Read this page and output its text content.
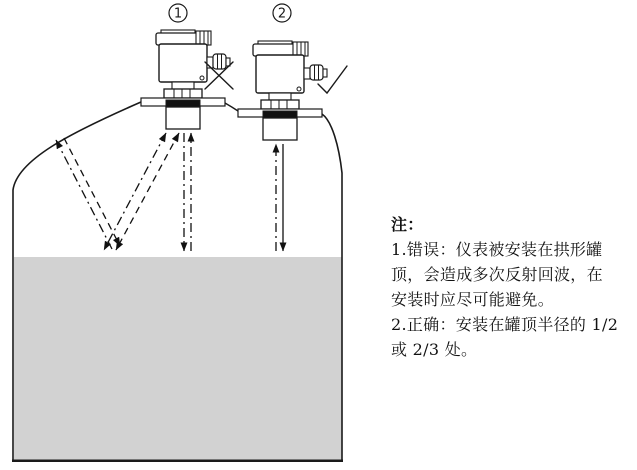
1	2
注：
1.错误：仪表被安装在拱形罐
顶，会造成多次反射回波，在
安装时应尽可能避免。
2.正确：安装在罐顶半径的 1/2
或 2/3 处。
